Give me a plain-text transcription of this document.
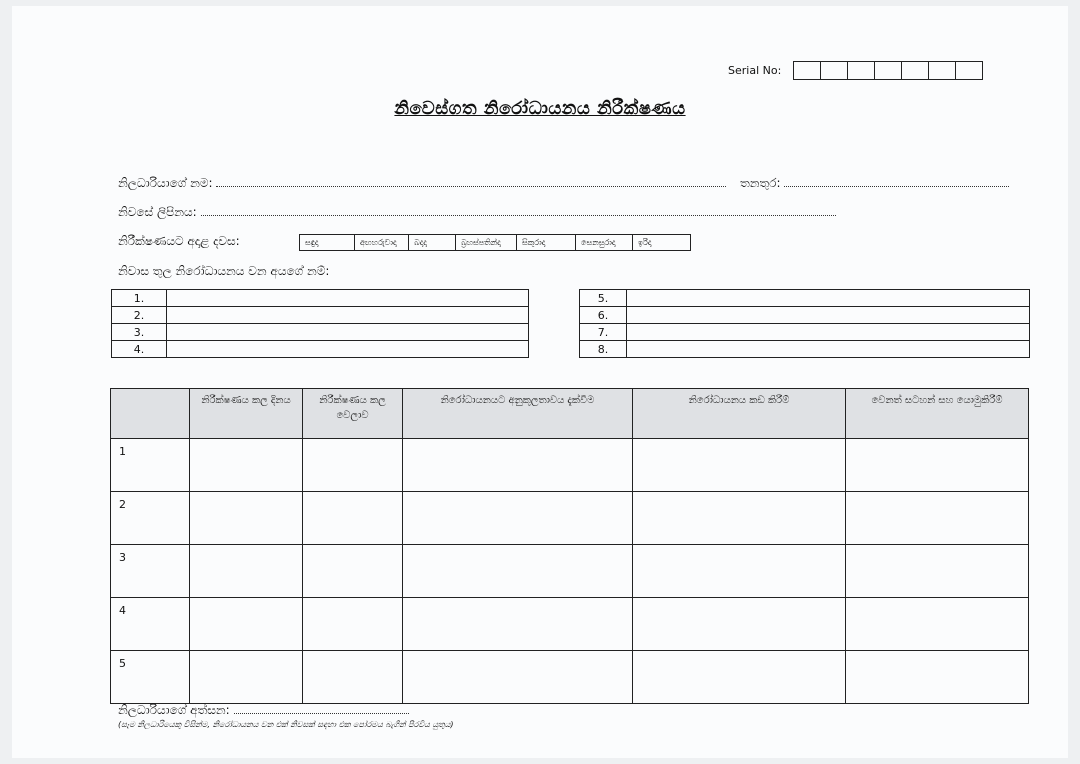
Serial No:
නිවෙස්ගත නිරෝධායනය නිරීක්ෂණය
නිලධාරියාගේ නම:	තනතුර:
නිවසේ ලිපිනය:
නිරීක්ෂණයට අදාළ දවස:	සඳුදා	අඟහරුවාදා	බදාදා	බ්‍රහස්පතින්දා	සිකුරාදා	සෙනසුරාදා	ඉරිදා
නිවාස තුල නිරෝධායනය වන අයගේ නම්:
1.	
2.	
3.	
4.	
5.	
6.	
7.	
8.	
	නිරීක්ෂණය කල දිනය	නිරීක්ෂණය කල වෙලාව	නිරෝධායනයට අනුකුලතාවය දැක්වීම	නිරෝධායනය කඩ කිරීම්	වෙනත් සටහන් සහ යොමුකිරීම්
1					
2					
3					
4					
5					
නිලධාරියාගේ අත්සන:
(සෑම නිලධාරියෙකු විසින්ම, නිරෝධායනය වන එක් නිවසක් සඳහා එක පෝරමය බැගින් පිරවිය යුතුය)
